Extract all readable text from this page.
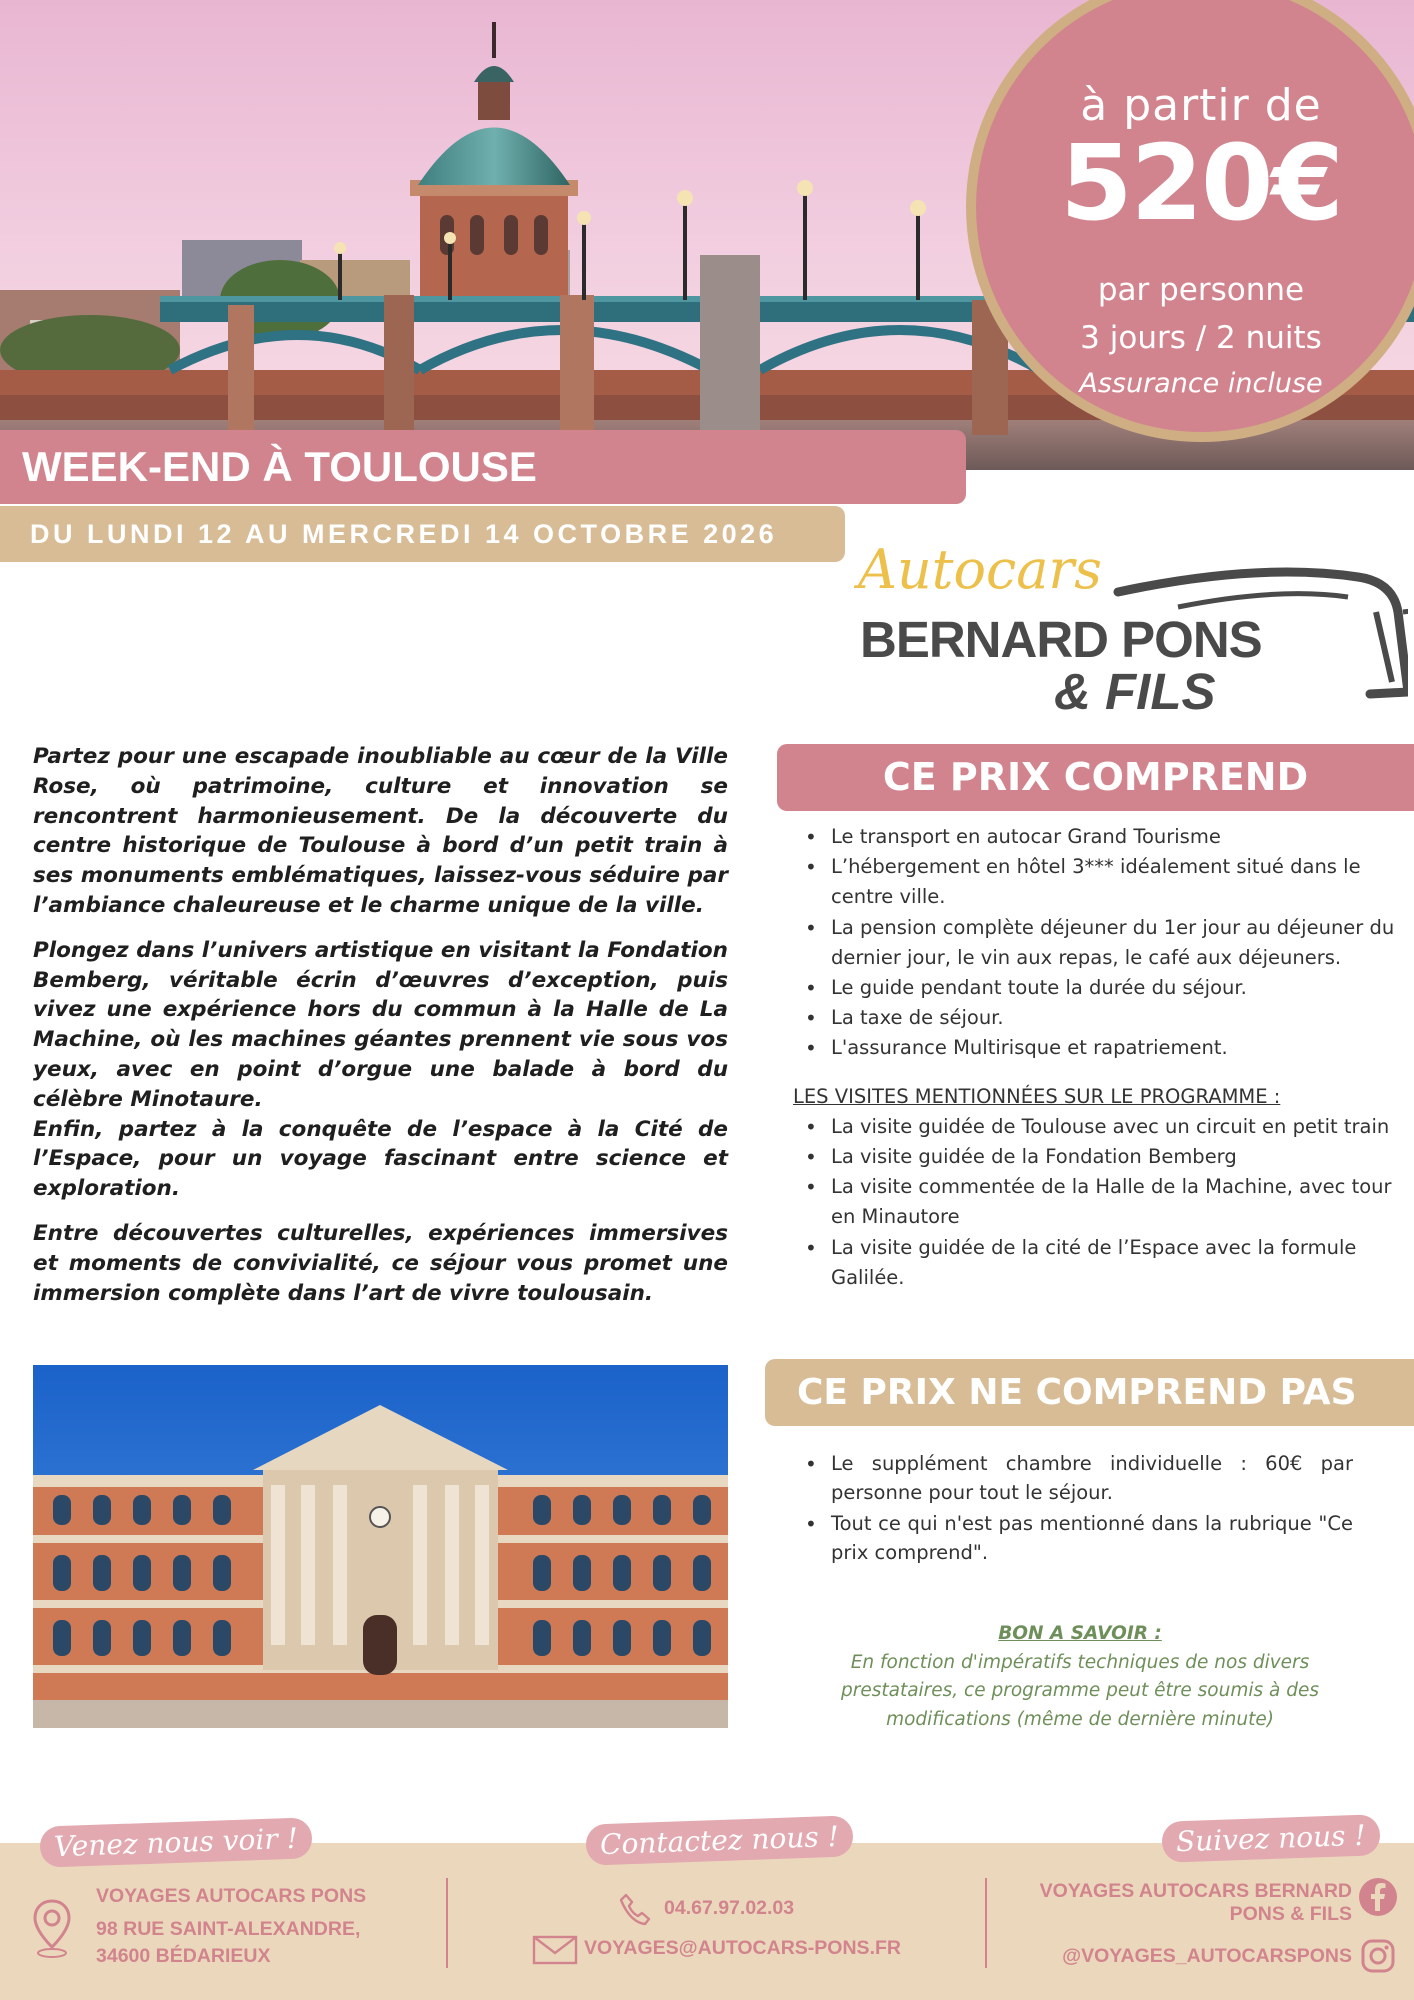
à partir de
520€
par personne
3 jours / 2 nuits
Assurance incluse
WEEK-END À TOULOUSE
DU LUNDI 12 AU MERCREDI 14 OCTOBRE 2026
Autocars
BERNARD PONS
& FILS

Partez pour une escapade inoubliable au cœur de la Ville Rose, où patrimoine, culture et innovation se rencontrent harmonieusement. De la découverte du centre historique de Toulouse à bord d’un petit train à ses monuments emblématiques, laissez-vous séduire par l’ambiance chaleureuse et le charme unique de la ville.

Plongez dans l’univers artistique en visitant la Fondation Bemberg, véritable écrin d’œuvres d’exception, puis vivez une expérience hors du commun à la Halle de La Machine, où les machines géantes prennent vie sous vos yeux, avec en point d’orgue une balade à bord du célèbre Minotaure.

Enfin, partez à la conquête de l’espace à la Cité de l’Espace, pour un voyage fascinant entre science et exploration.

Entre découvertes culturelles, expériences immersives et moments de convivialité, ce séjour vous promet une immersion complète dans l’art de vivre toulousain.

CE PRIX COMPREND
• Le transport en autocar Grand Tourisme
• L’hébergement en hôtel 3*** idéalement situé dans le centre ville.
• La pension complète déjeuner du 1er jour au déjeuner du dernier jour, le vin aux repas, le café aux déjeuners.
• Le guide pendant toute la durée du séjour.
• La taxe de séjour.
• L'assurance Multirisque et rapatriement.
LES VISITES MENTIONNÉES SUR LE PROGRAMME :
• La visite guidée de Toulouse avec un circuit en petit train
• La visite guidée de la Fondation Bemberg
• La visite commentée de la Halle de la Machine, avec tour en Minautore
• La visite guidée de la cité de l’Espace avec la formule Galilée.
CE PRIX NE COMPREND PAS
• Le supplément chambre individuelle : 60€ par personne pour tout le séjour.
• Tout ce qui n'est pas mentionné dans la rubrique "Ce prix comprend".
BON A SAVOIR :
En fonction d'impératifs techniques de nos divers prestataires, ce programme peut être soumis à des modifications (même de dernière minute)
Venez nous voir !	Contactez nous !	Suivez nous !
VOYAGES AUTOCARS PONS
98 RUE SAINT-ALEXANDRE,
34600 BÉDARIEUX
04.67.97.02.03
VOYAGES@AUTOCARS-PONS.FR
VOYAGES AUTOCARS BERNARD
PONS & FILS
@VOYAGES_AUTOCARSPONS
